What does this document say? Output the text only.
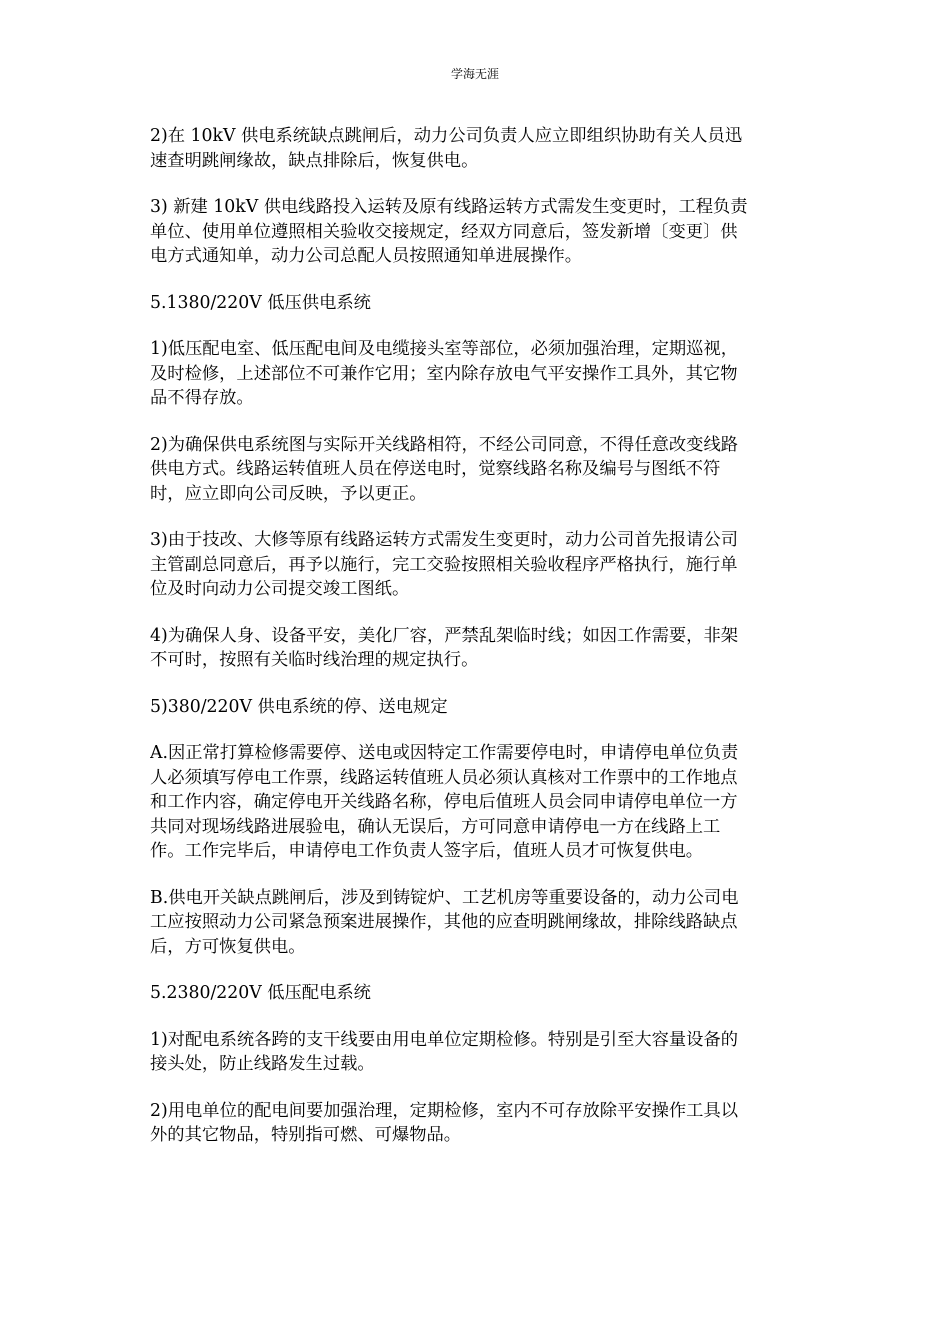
学海无涯

2)在 10kV 供电系统缺点跳闸后，动力公司负责人应立即组织协助有关人员迅
速查明跳闸缘故，缺点排除后，恢复供电。

3) 新建 10kV 供电线路投入运转及原有线路运转方式需发生变更时，工程负责
单位、使用单位遵照相关验收交接规定，经双方同意后，签发新增〔变更〕供
电方式通知单，动力公司总配人员按照通知单进展操作。

5.1380/220V 低压供电系统

1)低压配电室、低压配电间及电缆接头室等部位，必须加强治理，定期巡视，
及时检修，上述部位不可兼作它用；室内除存放电气平安操作工具外，其它物
品不得存放。

2)为确保供电系统图与实际开关线路相符，不经公司同意，不得任意改变线路
供电方式。线路运转值班人员在停送电时，觉察线路名称及编号与图纸不符
时，应立即向公司反映，予以更正。

3)由于技改、大修等原有线路运转方式需发生变更时，动力公司首先报请公司
主管副总同意后，再予以施行，完工交验按照相关验收程序严格执行，施行单
位及时向动力公司提交竣工图纸。

4)为确保人身、设备平安，美化厂容，严禁乱架临时线；如因工作需要，非架
不可时，按照有关临时线治理的规定执行。

5)380/220V 供电系统的停、送电规定

A.因正常打算检修需要停、送电或因特定工作需要停电时，申请停电单位负责
人必须填写停电工作票，线路运转值班人员必须认真核对工作票中的工作地点
和工作内容，确定停电开关线路名称，停电后值班人员会同申请停电单位一方
共同对现场线路进展验电，确认无误后，方可同意申请停电一方在线路上工
作。工作完毕后，申请停电工作负责人签字后，值班人员才可恢复供电。

B.供电开关缺点跳闸后，涉及到铸锭炉、工艺机房等重要设备的，动力公司电
工应按照动力公司紧急预案进展操作，其他的应查明跳闸缘故，排除线路缺点
后，方可恢复供电。

5.2380/220V 低压配电系统

1)对配电系统各跨的支干线要由用电单位定期检修。特别是引至大容量设备的
接头处，防止线路发生过载。

2)用电单位的配电间要加强治理，定期检修，室内不可存放除平安操作工具以
外的其它物品，特别指可燃、可爆物品。
